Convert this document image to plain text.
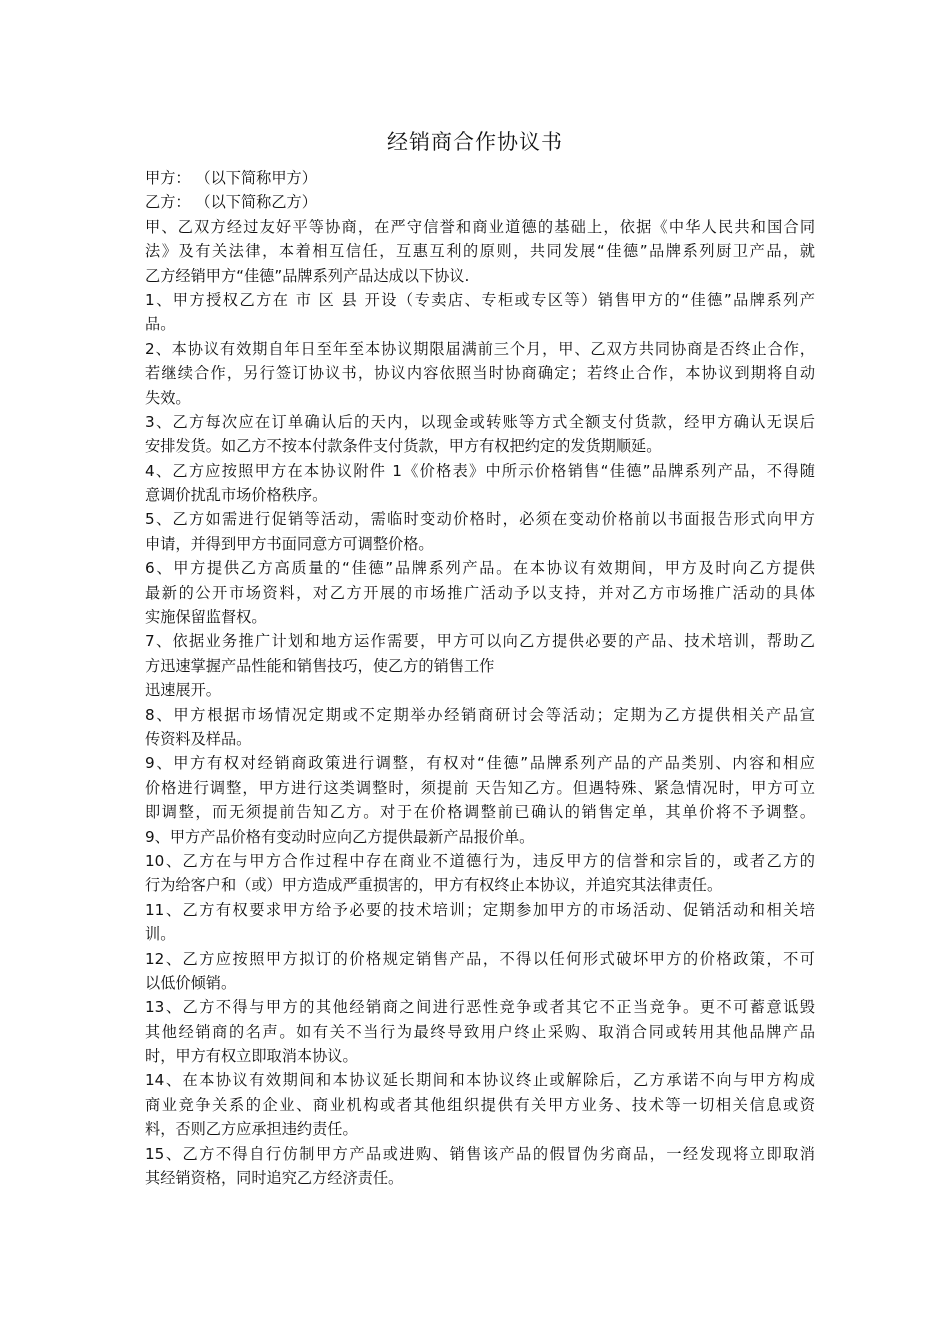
经销商合作协议书
甲方： （以下简称甲方）
乙方： （以下简称乙方）
甲、乙双方经过友好平等协商，在严守信誉和商业道德的基础上，依据《中华人民共和国合同
法》及有关法律，本着相互信任，互惠互利的原则，共同发展“佳德”品牌系列厨卫产品，就
乙方经销甲方“佳德”品牌系列产品达成以下协议.
1、甲方授权乙方在 市 区 县 开设（专卖店、专柜或专区等）销售甲方的“佳德”品牌系列产
品。
2、本协议有效期自年日至年至本协议期限届满前三个月，甲、乙双方共同协商是否终止合作，
若继续合作，另行签订协议书，协议内容依照当时协商确定；若终止合作，本协议到期将自动
失效。
3、乙方每次应在订单确认后的天内，以现金或转账等方式全额支付货款，经甲方确认无误后
安排发货。如乙方不按本付款条件支付货款，甲方有权把约定的发货期顺延。
4、乙方应按照甲方在本协议附件 1《价格表》中所示价格销售“佳德”品牌系列产品，不得随
意调价扰乱市场价格秩序。
5、乙方如需进行促销等活动，需临时变动价格时，必须在变动价格前以书面报告形式向甲方
申请，并得到甲方书面同意方可调整价格。
6、甲方提供乙方高质量的“佳德”品牌系列产品。在本协议有效期间，甲方及时向乙方提供
最新的公开市场资料，对乙方开展的市场推广活动予以支持，并对乙方市场推广活动的具体
实施保留监督权。
7、依据业务推广计划和地方运作需要，甲方可以向乙方提供必要的产品、技术培训，帮助乙
方迅速掌握产品性能和销售技巧，使乙方的销售工作
迅速展开。
8、甲方根据市场情况定期或不定期举办经销商研讨会等活动；定期为乙方提供相关产品宣
传资料及样品。
9、甲方有权对经销商政策进行调整，有权对“佳德”品牌系列产品的产品类别、内容和相应
价格进行调整，甲方进行这类调整时，须提前 天告知乙方。但遇特殊、紧急情况时，甲方可立
即调整，而无须提前告知乙方。对于在价格调整前已确认的销售定单，其单价将不予调整。
9、甲方产品价格有变动时应向乙方提供最新产品报价单。
10、乙方在与甲方合作过程中存在商业不道德行为，违反甲方的信誉和宗旨的，或者乙方的
行为给客户和（或）甲方造成严重损害的，甲方有权终止本协议，并追究其法律责任。
11、乙方有权要求甲方给予必要的技术培训；定期参加甲方的市场活动、促销活动和相关培
训。
12、乙方应按照甲方拟订的价格规定销售产品，不得以任何形式破坏甲方的价格政策，不可
以低价倾销。
13、乙方不得与甲方的其他经销商之间进行恶性竞争或者其它不正当竞争。更不可蓄意诋毁
其他经销商的名声。如有关不当行为最终导致用户终止采购、取消合同或转用其他品牌产品
时，甲方有权立即取消本协议。
14、在本协议有效期间和本协议延长期间和本协议终止或解除后，乙方承诺不向与甲方构成
商业竞争关系的企业、商业机构或者其他组织提供有关甲方业务、技术等一切相关信息或资
料，否则乙方应承担违约责任。
15、乙方不得自行仿制甲方产品或进购、销售该产品的假冒伪劣商品，一经发现将立即取消
其经销资格，同时追究乙方经济责任。
